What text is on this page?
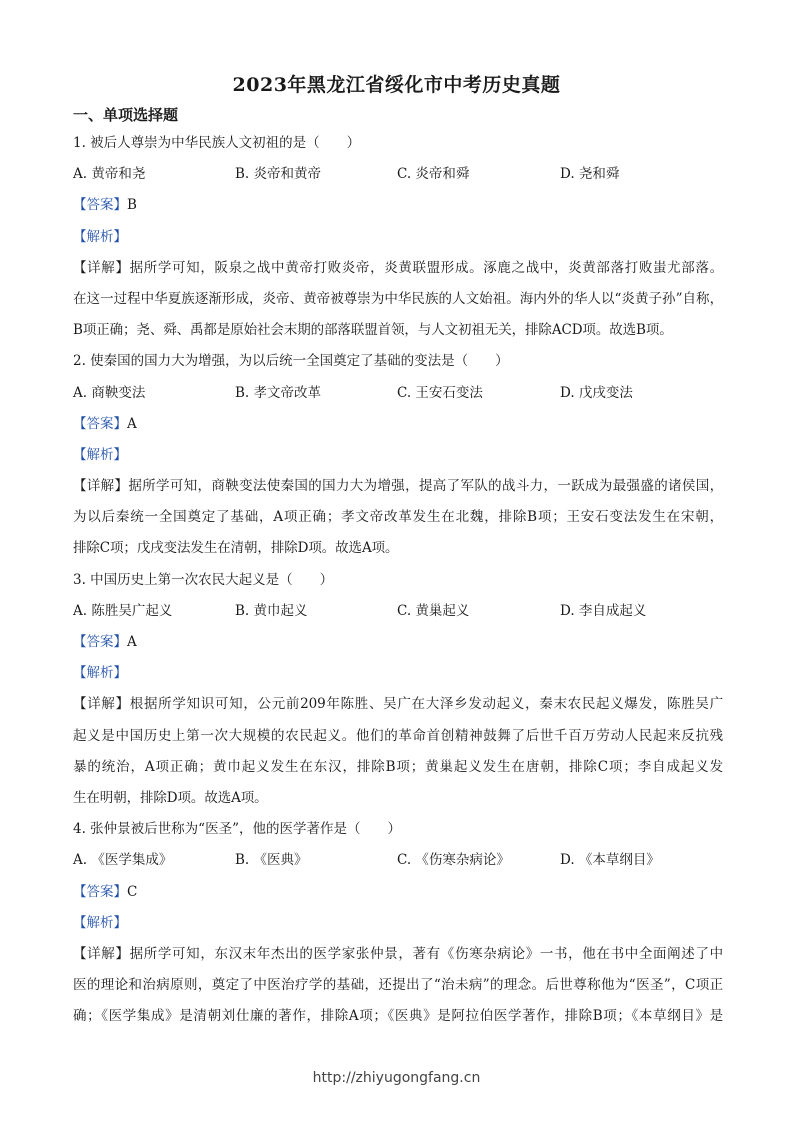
2023年黑龙江省绥化市中考历史真题
一、单项选择题
1. 被后人尊崇为中华民族人文初祖的是（　　）
A. 黄帝和尧	B. 炎帝和黄帝	C. 炎帝和舜	D. 尧和舜
【答案】B
【解析】
【详解】据所学可知，阪泉之战中黄帝打败炎帝，炎黄联盟形成。涿鹿之战中，炎黄部落打败蚩尤部落。
在这一过程中华夏族逐渐形成，炎帝、黄帝被尊崇为中华民族的人文始祖。海内外的华人以“炎黄子孙”自称，
B项正确；尧、舜、禹都是原始社会末期的部落联盟首领，与人文初祖无关，排除ACD项。故选B项。
2. 使秦国的国力大为增强，为以后统一全国奠定了基础的变法是（　　）
A. 商鞅变法	B. 孝文帝改革	C. 王安石变法	D. 戊戌变法
【答案】A
【解析】
【详解】据所学可知，商鞅变法使秦国的国力大为增强，提高了军队的战斗力，一跃成为最强盛的诸侯国，
为以后秦统一全国奠定了基础，A项正确；孝文帝改革发生在北魏，排除B项；王安石变法发生在宋朝，
排除C项；戊戌变法发生在清朝，排除D项。故选A项。
3. 中国历史上第一次农民大起义是（　　）
A. 陈胜吴广起义	B. 黄巾起义	C. 黄巢起义	D. 李自成起义
【答案】A
【解析】
【详解】根据所学知识可知，公元前209年陈胜、吴广在大泽乡发动起义，秦末农民起义爆发，陈胜吴广
起义是中国历史上第一次大规模的农民起义。他们的革命首创精神鼓舞了后世千百万劳动人民起来反抗残
暴的统治，A项正确；黄巾起义发生在东汉，排除B项；黄巢起义发生在唐朝，排除C项；李自成起义发
生在明朝，排除D项。故选A项。
4. 张仲景被后世称为“医圣”，他的医学著作是（　　）
A. 《医学集成》	B. 《医典》	C. 《伤寒杂病论》	D. 《本草纲目》
【答案】C
【解析】
【详解】据所学可知，东汉末年杰出的医学家张仲景，著有《伤寒杂病论》一书，他在书中全面阐述了中
医的理论和治病原则，奠定了中医治疗学的基础，还提出了“治未病”的理念。后世尊称他为“医圣”，C项正
确；《医学集成》是清朝刘仕廉的著作，排除A项；《医典》是阿拉伯医学著作，排除B项；《本草纲目》是
http://zhiyugongfang.cn
